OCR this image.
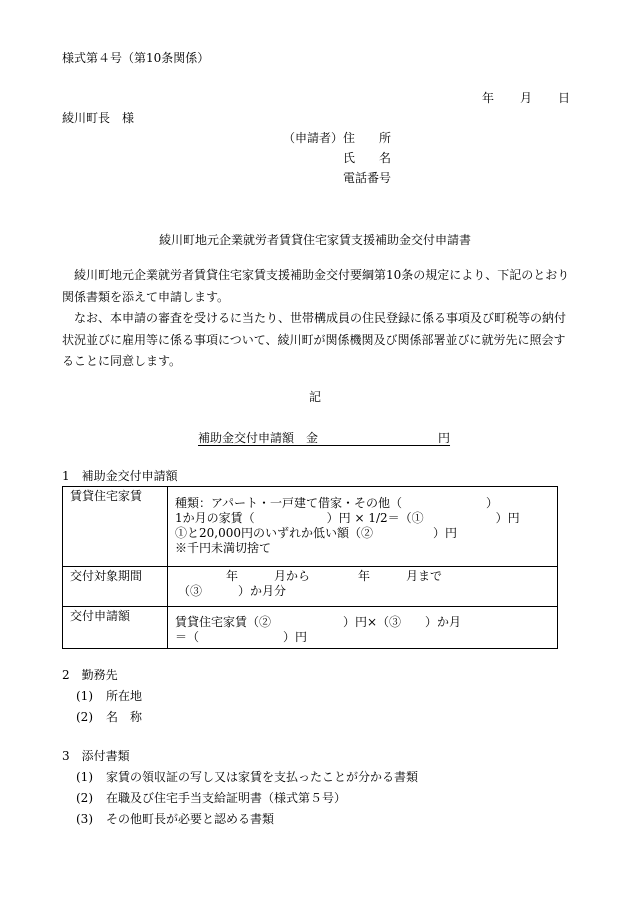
様式第４号（第10条関係）
年 月 日
綾川町長　様
（申請者） 住　　所
氏　　名
電話番号
綾川町地元企業就労者賃貸住宅家賃支援補助金交付申請書

綾川町地元企業就労者賃貸住宅家賃支援補助金交付要綱第10条の規定により、下記のとおり関係書類を添えて申請します。

なお、本申請の審査を受けるに当たり、世帯構成員の住民登録に係る事項及び町税等の納付状況並びに雇用等に係る事項について、綾川町が関係機関及び関係部署並びに就労先に照会することに同意します。

記
補助金交付申請額　金　　　　　　　　　　円
1　補助金交付申請額
賃貸住宅家賃	種類：アパート・一戸建て借家・その他（　　　　　　　）
1か月の家賃（　　　　　　）円 × 1/2＝（①　　　　　　）円
①と20,000円のいずれか低い額（②　　　　　）円
※千円未満切捨て

交付対象期間	　　　　年　　　月から　　　　年　　　月まで
（③　　　）か月分

交付申請額	賃貸住宅家賃（②　　　　　　）円×（③　　）か月
＝（　　　　　　　）円
2　勤務先
(1) 所在地
(2) 名　称
3　添付書類
(1) 家賃の領収証の写し又は家賃を支払ったことが分かる書類
(2) 在職及び住宅手当支給証明書（様式第５号）
(3) その他町長が必要と認める書類
